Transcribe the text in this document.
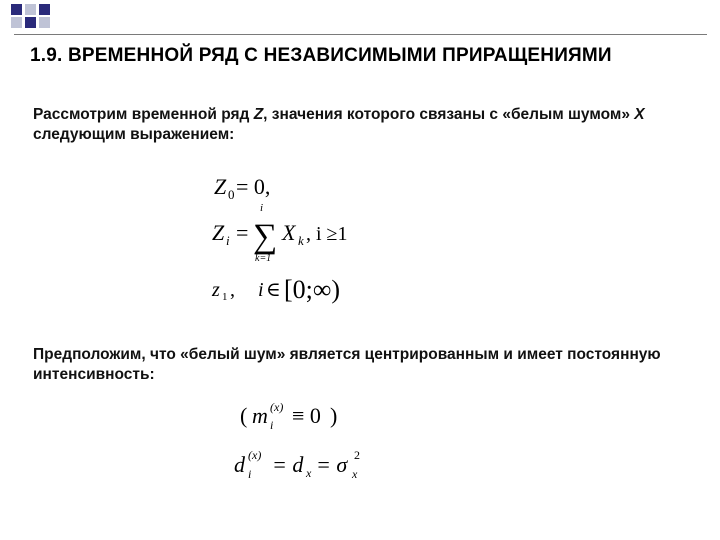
1.9. ВРЕМЕННОЙ РЯД С НЕЗАВИСИМЫМИ ПРИРАЩЕНИЯМИ
Рассмотрим временной ряд Z, значения которого связаны с «белым шумом» X следующим выражением:
Z 0 = 0,
Z i =
i
∑
k=1
X k , i ≥1
z 1 , i ∈ [0;∞)
Предположим, что «белый шум» является центрированным и имеет постоянную интенсивность:
( m (x)
i ≡ 0 )
d (x)
i = d x = σ 2
x
